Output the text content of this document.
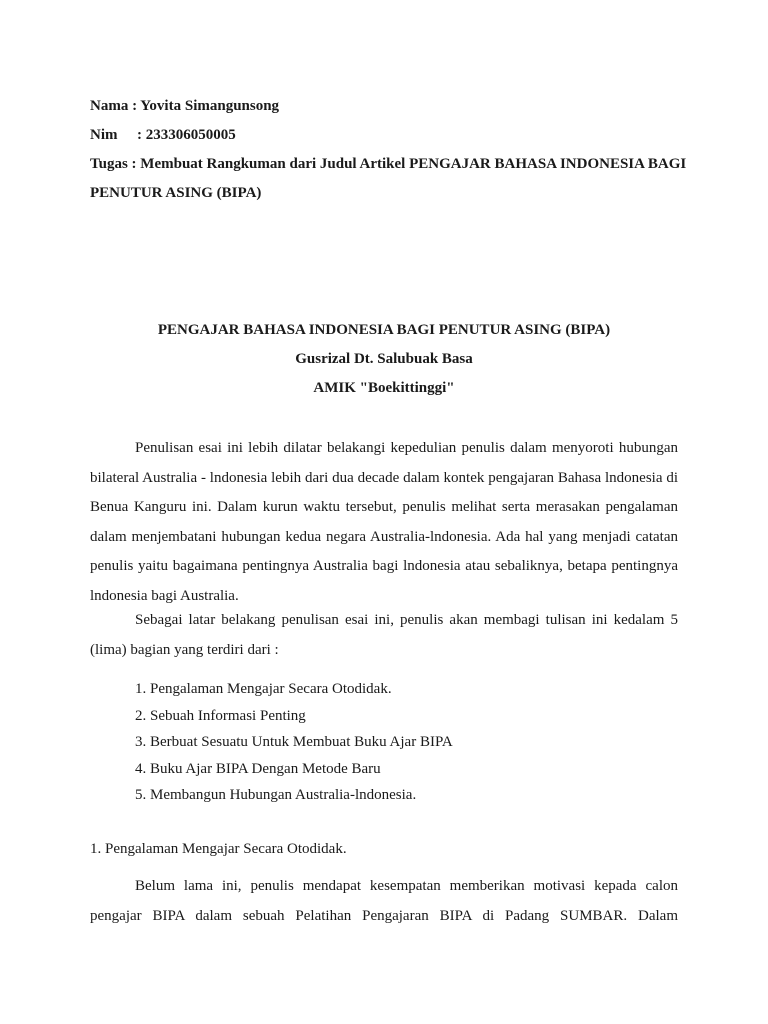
Nama : Yovita Simangunsong
Nim	: 233306050005
Tugas : Membuat Rangkuman dari Judul Artikel PENGAJAR BAHASA INDONESIA BAGI PENUTUR ASING (BIPA)
PENGAJAR BAHASA INDONESIA BAGI PENUTUR ASING (BIPA)
Gusrizal Dt. Salubuak Basa
AMIK "Boekittinggi"

Penulisan esai ini lebih dilatar belakangi kepedulian penulis dalam menyoroti hubungan bilateral Australia - lndonesia lebih dari dua decade dalam kontek pengajaran Bahasa lndonesia di Benua Kanguru ini. Dalam kurun waktu tersebut, penulis melihat serta merasakan pengalaman dalam menjembatani hubungan kedua negara Australia-lndonesia. Ada hal yang menjadi catatan penulis yaitu bagaimana pentingnya Australia bagi lndonesia atau sebaliknya, betapa pentingnya lndonesia bagi Australia.

Sebagai latar belakang penulisan esai ini, penulis akan membagi tulisan ini kedalam 5 (lima) bagian yang terdiri dari :

1. Pengalaman Mengajar Secara Otodidak.
2. Sebuah Informasi Penting
3. Berbuat Sesuatu Untuk Membuat Buku Ajar BIPA
4. Buku Ajar BIPA Dengan Metode Baru
5. Membangun Hubungan Australia-lndonesia.
1. Pengalaman Mengajar Secara Otodidak.

Belum lama ini, penulis mendapat kesempatan memberikan motivasi kepada calon pengajar BIPA dalam sebuah Pelatihan Pengajaran BIPA di Padang SUMBAR. Dalam
